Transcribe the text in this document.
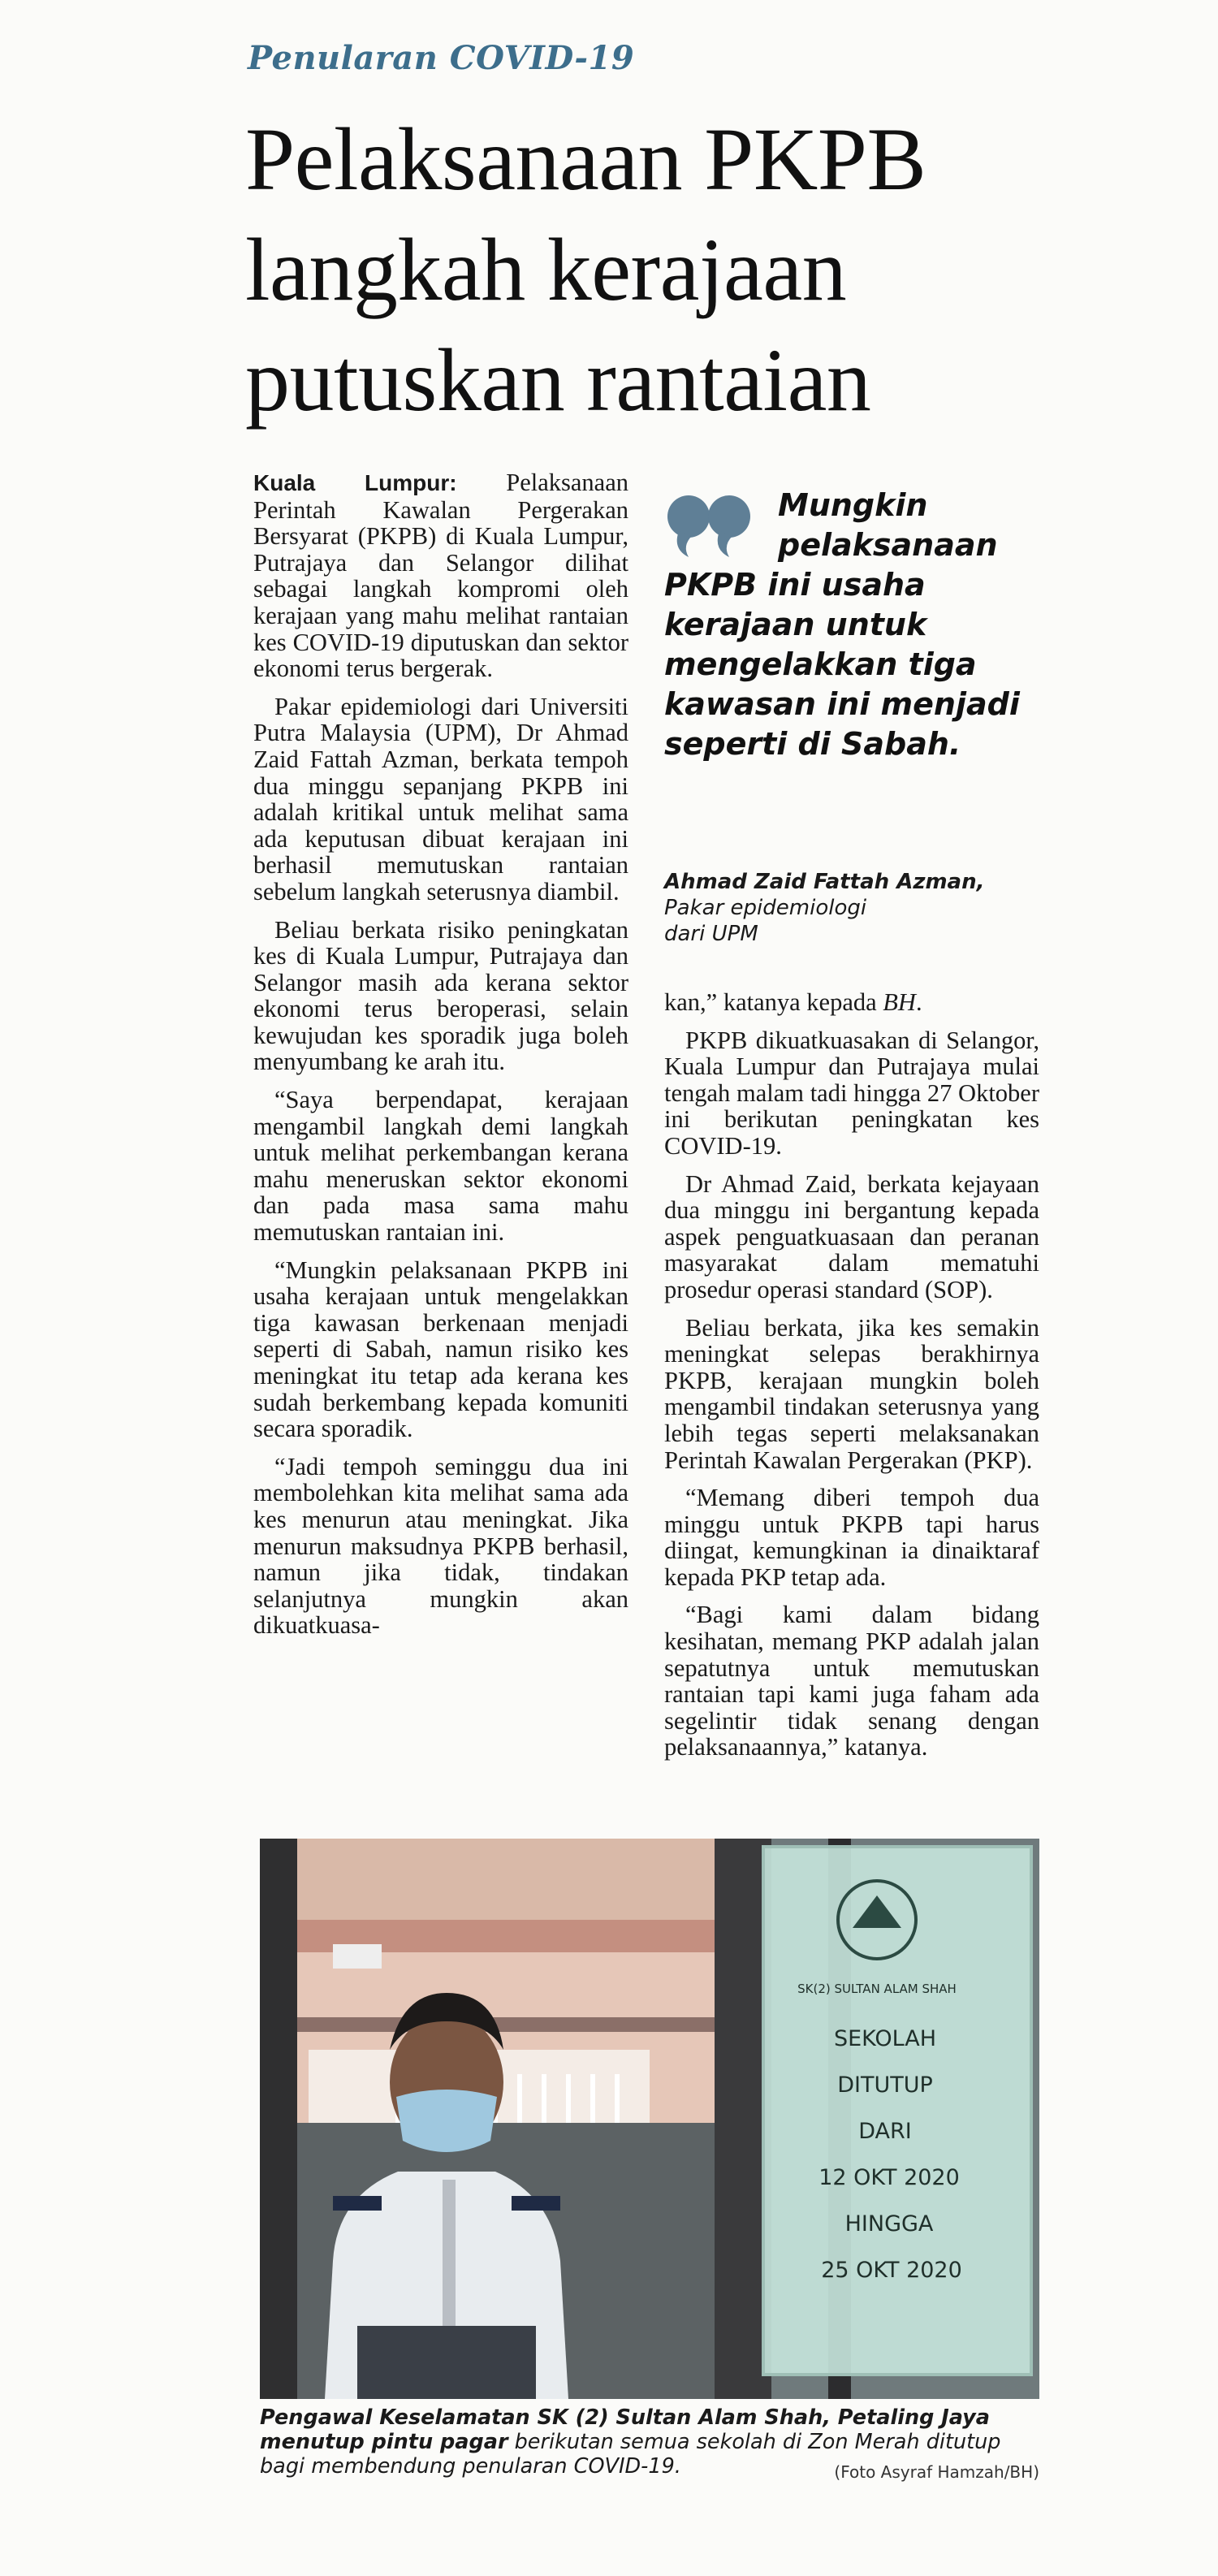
Penularan COVID-19
Pelaksanaan PKPB
langkah kerajaan
putuskan rantaian

Kuala Lumpur: Pelaksanaan Perintah Kawalan Pergerakan Bersyarat (PKPB) di Kuala Lumpur, Putrajaya dan Selangor dilihat sebagai langkah kompromi oleh kerajaan yang mahu melihat rantaian kes COVID-19 diputuskan dan sektor ekonomi terus bergerak.

Pakar epidemiologi dari Universiti Putra Malaysia (UPM), Dr Ahmad Zaid Fattah Azman, berkata tempoh dua minggu sepanjang PKPB ini adalah kritikal untuk melihat sama ada keputusan dibuat kerajaan ini berhasil memutuskan rantaian sebelum langkah seterusnya diambil.

Beliau berkata risiko peningkatan kes di Kuala Lumpur, Putrajaya dan Selangor masih ada kerana sektor ekonomi terus beroperasi, selain kewujudan kes sporadik juga boleh menyumbang ke arah itu.

“Saya berpendapat, kerajaan mengambil langkah demi langkah untuk melihat perkembangan kerana mahu meneruskan sektor ekonomi dan pada masa sama mahu memutuskan rantaian ini.

“Mungkin pelaksanaan PKPB ini usaha kerajaan untuk mengelakkan tiga kawasan berkenaan menjadi seperti di Sabah, namun risiko kes meningkat itu tetap ada kerana kes sudah berkembang kepada komuniti secara sporadik.

“Jadi tempoh seminggu dua ini membolehkan kita melihat sama ada kes menurun atau meningkat. Jika menurun maksudnya PKPB berhasil, namun jika tidak, tindakan selanjutnya mungkin akan dikuatkuasa-

Mungkin
pelaksanaan
PKPB ini usaha kerajaan untuk mengelakkan tiga kawasan ini menjadi seperti di Sabah.
Ahmad Zaid Fattah Azman,
Pakar epidemiologi
dari UPM

kan,” katanya kepada BH.

PKPB dikuatkuasakan di Selangor, Kuala Lumpur dan Putrajaya mulai tengah malam tadi hingga 27 Oktober ini berikutan peningkatan kes COVID-19.

Dr Ahmad Zaid, berkata kejayaan dua minggu ini bergantung kepada aspek penguatkuasaan dan peranan masyarakat dalam mematuhi prosedur operasi standard (SOP).

Beliau berkata, jika kes semakin meningkat selepas berakhirnya PKPB, kerajaan mungkin boleh mengambil tindakan seterusnya yang lebih tegas seperti melaksanakan Perintah Kawalan Pergerakan (PKP).

“Memang diberi tempoh dua minggu untuk PKPB tapi harus diingat, kemungkinan ia dinaiktaraf kepada PKP tetap ada.

“Bagi kami dalam bidang kesihatan, memang PKP adalah jalan sepatutnya untuk memutuskan rantaian tapi kami juga faham ada segelintir tidak senang dengan pelaksanaannya,” katanya.

SK(2) SULTAN ALAM SHAH
SEKOLAH
DITUTUP
DARI
12 OKT 2020
HINGGA
25 OKT 2020
Pengawal Keselamatan SK (2) Sultan Alam Shah, Petaling Jaya menutup pintu pagar berikutan semua sekolah di Zon Merah ditutup bagi membendung penularan COVID-19.	(Foto Asyraf Hamzah/BH)
